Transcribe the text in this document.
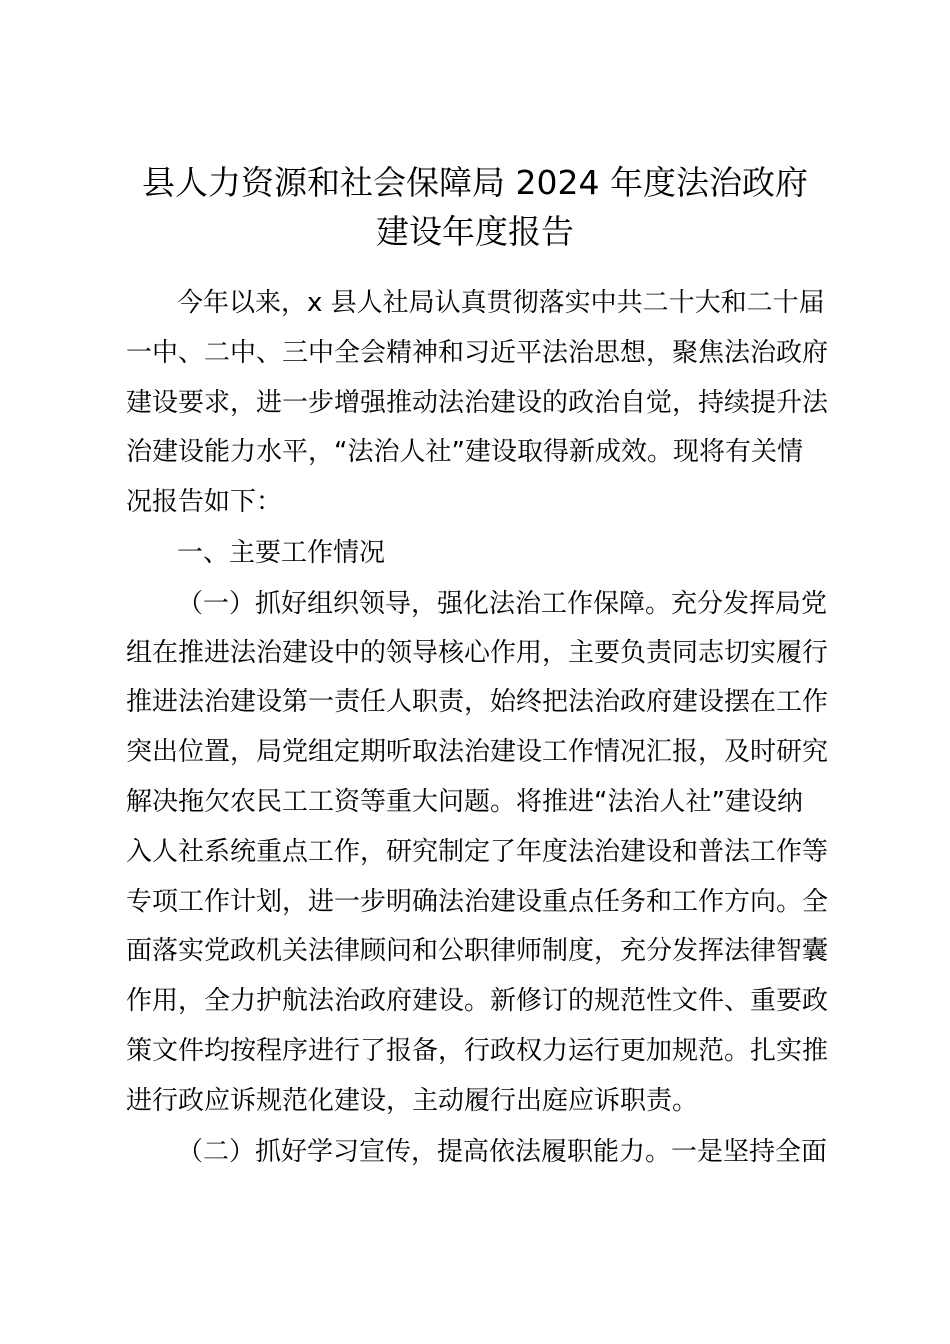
县人力资源和社会保障局 2024 年度法治政府
建设年度报告
今年以来，x 县人社局认真贯彻落实中共二十大和二十届
一中、二中、三中全会精神和习近平法治思想，聚焦法治政府
建设要求，进一步增强推动法治建设的政治自觉，持续提升法
治建设能力水平，“法治人社”建设取得新成效。现将有关情
况报告如下：
一、主要工作情况
（一）抓好组织领导，强化法治工作保障。充分发挥局党
组在推进法治建设中的领导核心作用，主要负责同志切实履行
推进法治建设第一责任人职责，始终把法治政府建设摆在工作
突出位置，局党组定期听取法治建设工作情况汇报，及时研究
解决拖欠农民工工资等重大问题。将推进“法治人社”建设纳
入人社系统重点工作，研究制定了年度法治建设和普法工作等
专项工作计划，进一步明确法治建设重点任务和工作方向。全
面落实党政机关法律顾问和公职律师制度，充分发挥法律智囊
作用，全力护航法治政府建设。新修订的规范性文件、重要政
策文件均按程序进行了报备，行政权力运行更加规范。扎实推
进行政应诉规范化建设，主动履行出庭应诉职责。
（二）抓好学习宣传，提高依法履职能力。一是坚持全面
